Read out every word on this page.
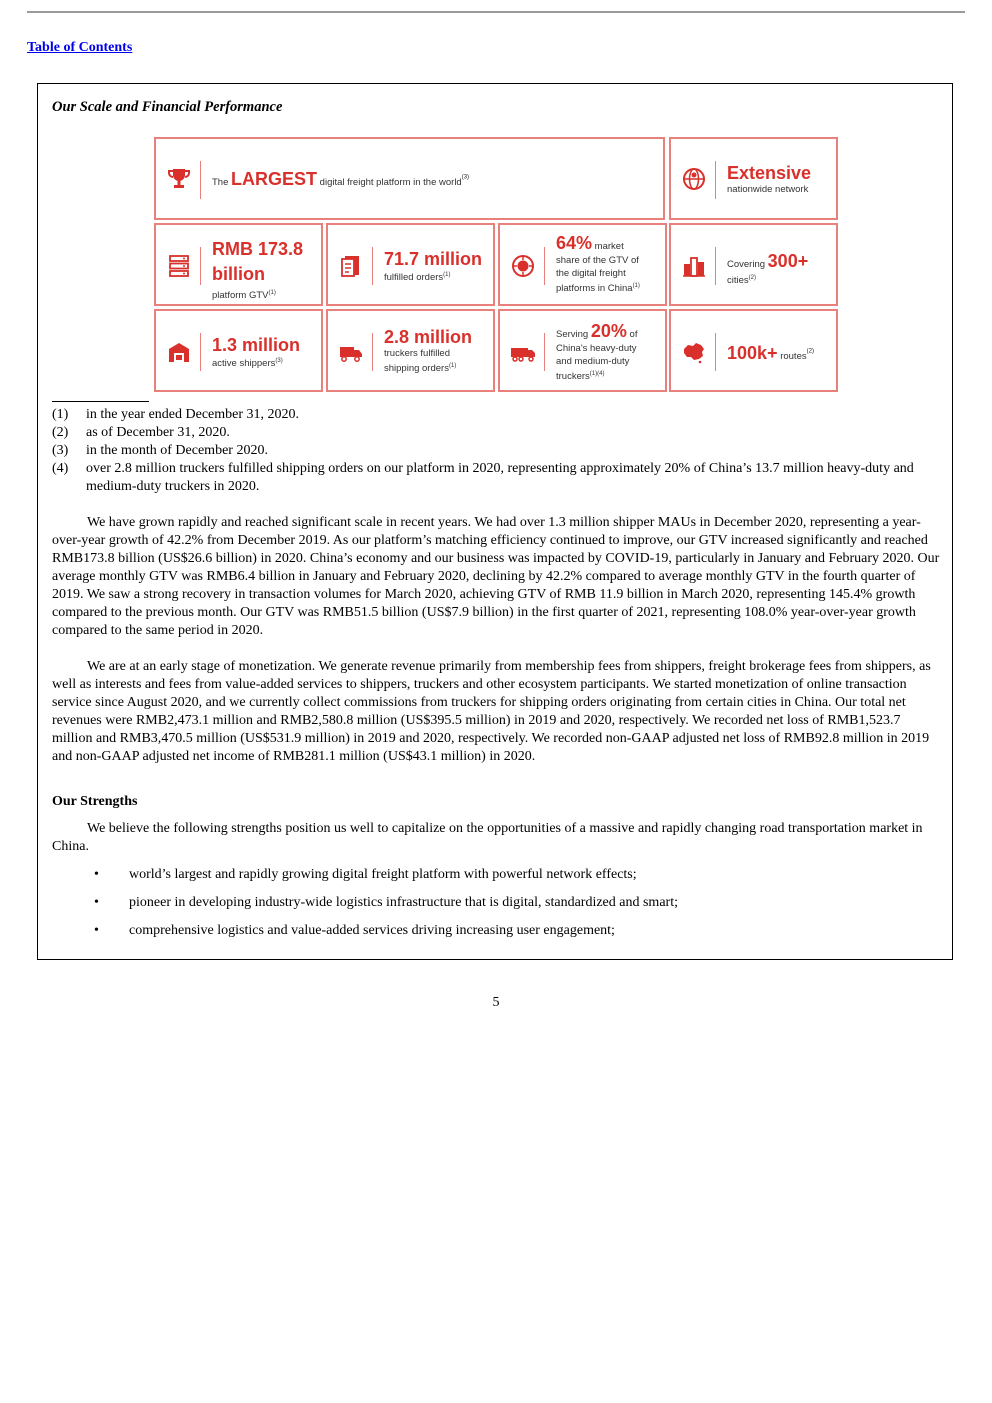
Table of Contents
Our Scale and Financial Performance
The LARGEST digital freight platform in the world$^{(3)}$	Extensive
nationwide network
RMB 173.8
billion
platform GTV$^{(1)}$
71.7 million
fulfilled orders$^{(1)}$
64% market
share of the GTV of
the digital freight
platforms in China$^{(1)}$
Covering 300+
cities$^{(2)}$
1.3 million
active shippers$^{(3)}$
2.8 million
truckers fulfilled
shipping orders$^{(1)}$
Serving 20% of
China's heavy-duty
and medium-duty
truckers$^{(1)(4)}$
100k+ routes$^{(2)}$
(1) in the year ended December 31, 2020.
(2) as of December 31, 2020.
(3) in the month of December 2020.
(4) over 2.8 million truckers fulfilled shipping orders on our platform in 2020, representing approximately 20% of China’s 13.7 million heavy-duty and medium-duty truckers in 2020.

We have grown rapidly and reached significant scale in recent years. We had over 1.3 million shipper MAUs in December 2020, representing a year-over-year growth of 42.2% from December 2019. As our platform’s matching efficiency continued to improve, our GTV increased significantly and reached RMB173.8 billion (US$26.6 billion) in 2020. China’s economy and our business was impacted by COVID-19, particularly in January and February 2020. Our average monthly GTV was RMB6.4 billion in January and February 2020, declining by 42.2% compared to average monthly GTV in the fourth quarter of 2019. We saw a strong recovery in transaction volumes for March 2020, achieving GTV of RMB 11.9 billion in March 2020, representing 145.4% growth compared to the previous month. Our GTV was RMB51.5 billion (US$7.9 billion) in the first quarter of 2021, representing 108.0% year-over-year growth compared to the same period in 2020.

We are at an early stage of monetization. We generate revenue primarily from membership fees from shippers, freight brokerage fees from shippers, as well as interests and fees from value-added services to shippers, truckers and other ecosystem participants. We started monetization of online transaction service since August 2020, and we currently collect commissions from truckers for shipping orders originating from certain cities in China. Our total net revenues were RMB2,473.1 million and RMB2,580.8 million (US$395.5 million) in 2019 and 2020, respectively. We recorded net loss of RMB1,523.7 million and RMB3,470.5 million (US$531.9 million) in 2019 and 2020, respectively. We recorded non-GAAP adjusted net loss of RMB92.8 million in 2019 and non-GAAP adjusted net income of RMB281.1 million (US$43.1 million) in 2020.

Our Strengths

We believe the following strengths position us well to capitalize on the opportunities of a massive and rapidly changing road transportation market in China.

• world’s largest and rapidly growing digital freight platform with powerful network effects;
• pioneer in developing industry-wide logistics infrastructure that is digital, standardized and smart;
• comprehensive logistics and value-added services driving increasing user engagement;
5
